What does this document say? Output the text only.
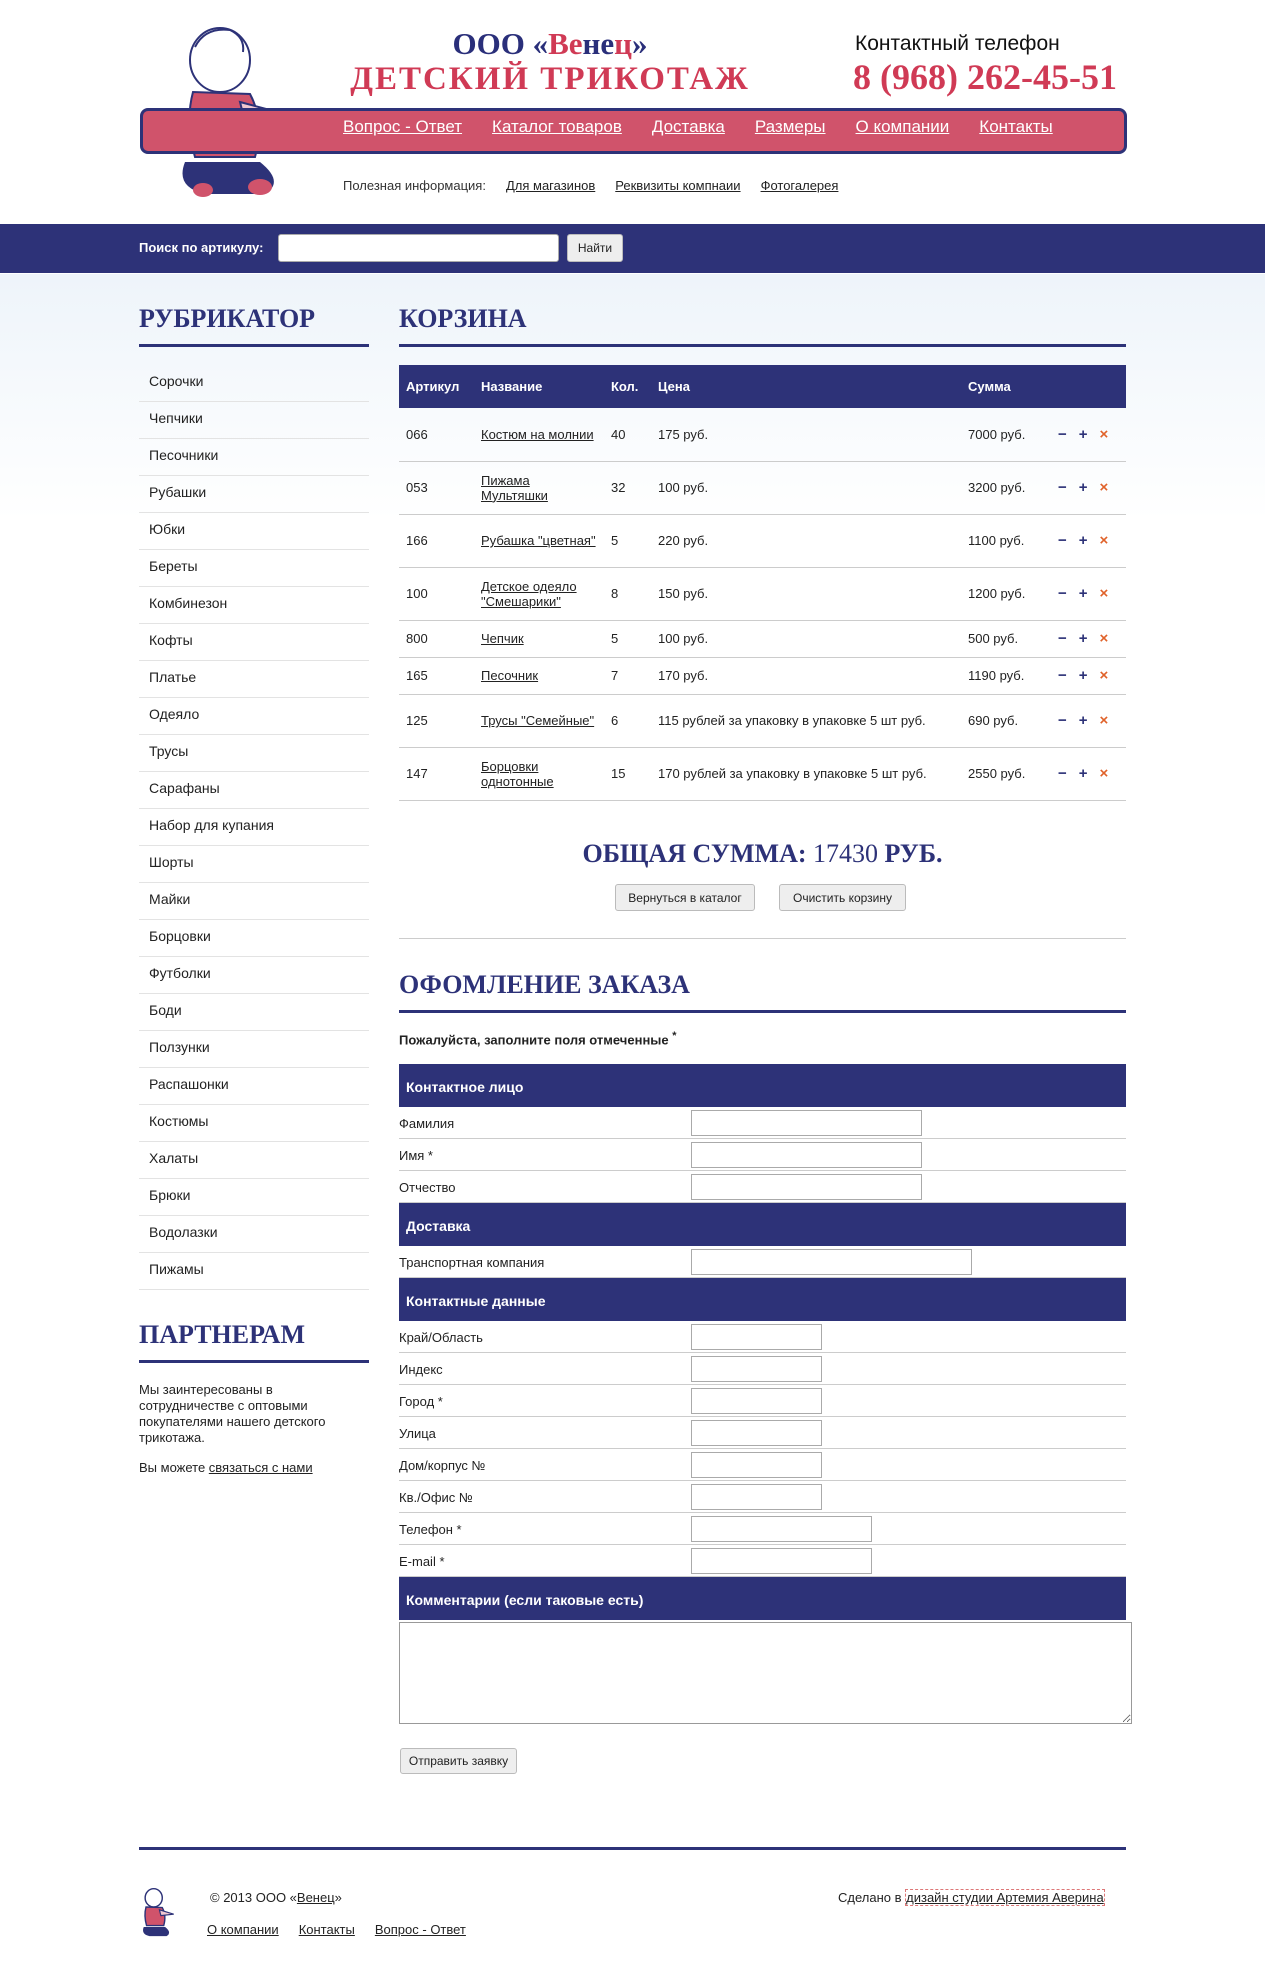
ООО «Венец»
ДЕТСКИЙ ТРИКОТАЖ
Контактный телефон
8 (968) 262-45-51
Вопрос - Ответ Каталог товаров Доставка Размеры О компании Контакты
Полезная информация: Для магазинов Реквизиты компнаии Фотогалерея
Поиск по артикулу:	Найти
РУБРИКАТОР
Сорочки
Чепчики
Песочники
Рубашки
Юбки
Береты
Комбинезон
Кофты
Платье
Одеяло
Трусы
Сарафаны
Набор для купания
Шорты
Майки
Борцовки
Футболки
Боди
Ползунки
Распашонки
Костюмы
Халаты
Брюки
Водолазки
Пижамы
ПАРТНЕРАМ
Мы заинтересованы в сотрудничестве с оптовыми покупателями нашего детского трикотажа.
Вы можете связаться с нами
КОРЗИНА
Артикул	Название	Кол.	Цена	Сумма	
066	Костюм на молнии	40	175 руб.	7000 руб.	− + ×
053	Пижама Мультяшки	32	100 руб.	3200 руб.	− + ×
166	Рубашка "цветная"	5	220 руб.	1100 руб.	− + ×
100	Детское одеяло "Смешарики"	8	150 руб.	1200 руб.	− + ×
800	Чепчик	5	100 руб.	500 руб.	− + ×
165	Песочник	7	170 руб.	1190 руб.	− + ×
125	Трусы "Семейные"	6	115 рублей за упаковку в упаковке 5 шт руб.	690 руб.	− + ×
147	Борцовки однотонные	15	170 рублей за упаковку в упаковке 5 шт руб.	2550 руб.	− + ×
ОБЩАЯ СУММА: 17430 РУБ.
Вернуться в каталог	Очистить корзину
ОФОМЛЕНИЕ ЗАКАЗА
Пожалуйста, заполните поля отмеченные *
Контактное лицо
Фамилия
Имя *
Отчество
Доставка
Транспортная компания
Контактные данные
Край/Область
Индекс
Город *
Улица
Дом/корпус №
Кв./Офис №
Телефон *
E-mail *
Комментарии (если таковые есть)
Отправить заявку
© 2013 ООО «Венец»
О компании Контакты Вопрос - Ответ
Сделано в дизайн студии Артемия Аверина
